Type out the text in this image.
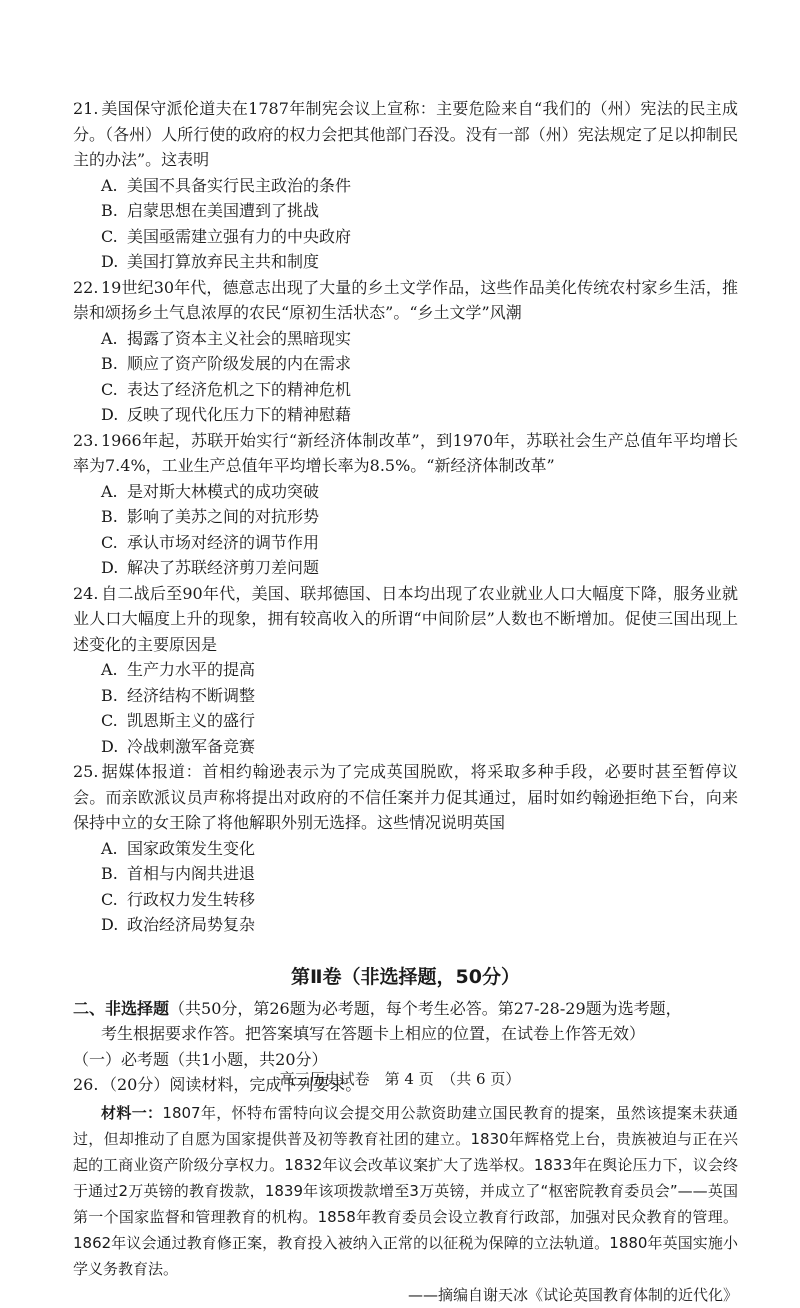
21. 美国保守派伦道夫在1787年制宪会议上宣称：主要危险来自“我们的（州）宪法的民主成分。（各州）人所行使的政府的权力会把其他部门吞没。没有一部（州）宪法规定了足以抑制民主的办法”。这表明
A. 美国不具备实行民主政治的条件
B. 启蒙思想在美国遭到了挑战
C. 美国亟需建立强有力的中央政府
D. 美国打算放弃民主共和制度
22. 19世纪30年代，德意志出现了大量的乡土文学作品，这些作品美化传统农村家乡生活，推崇和颂扬乡土气息浓厚的农民“原初生活状态”。“乡土文学”风潮
A. 揭露了资本主义社会的黑暗现实
B. 顺应了资产阶级发展的内在需求
C. 表达了经济危机之下的精神危机
D. 反映了现代化压力下的精神慰藉
23. 1966年起，苏联开始实行“新经济体制改革”，到1970年，苏联社会生产总值年平均增长率为7.4%，工业生产总值年平均增长率为8.5%。“新经济体制改革”
A. 是对斯大林模式的成功突破
B. 影响了美苏之间的对抗形势
C. 承认市场对经济的调节作用
D. 解决了苏联经济剪刀差问题
24. 自二战后至90年代，美国、联邦德国、日本均出现了农业就业人口大幅度下降，服务业就业人口大幅度上升的现象，拥有较高收入的所谓“中间阶层”人数也不断增加。促使三国出现上述变化的主要原因是
A. 生产力水平的提高
B. 经济结构不断调整
C. 凯恩斯主义的盛行
D. 冷战刺激军备竞赛
25. 据媒体报道：首相约翰逊表示为了完成英国脱欧，将采取多种手段，必要时甚至暂停议会。而亲欧派议员声称将提出对政府的不信任案并力促其通过，届时如约翰逊拒绝下台，向来保持中立的女王除了将他解职外别无选择。这些情况说明英国
A. 国家政策发生变化
B. 首相与内阁共进退
C. 行政权力发生转移
D. 政治经济局势复杂
第Ⅱ卷（非选择题，50分）
二、非选择题（共50分，第26题为必考题，每个考生必答。第27-28-29题为选考题，
考生根据要求作答。把答案填写在答题卡上相应的位置，在试卷上作答无效）
（一）必考题（共1小题，共20分）
26. （20分）阅读材料，完成下列要求。
材料一：1807年，怀特布雷特向议会提交用公款资助建立国民教育的提案，虽然该提案未获通过，但却推动了自愿为国家提供普及初等教育社团的建立。1830年辉格党上台，贵族被迫与正在兴起的工商业资产阶级分享权力。1832年议会改革议案扩大了选举权。1833年在舆论压力下，议会终于通过2万英镑的教育拨款，1839年该项拨款增至3万英镑，并成立了“枢密院教育委员会”——英国第一个国家监督和管理教育的机构。1858年教育委员会设立教育行政部，加强对民众教育的管理。1862年议会通过教育修正案，教育投入被纳入正常的以征税为保障的立法轨道。1880年英国实施小学义务教育法。
——摘编自谢天冰《试论英国教育体制的近代化》
高三历史试卷　第 4 页　（共 6 页）
